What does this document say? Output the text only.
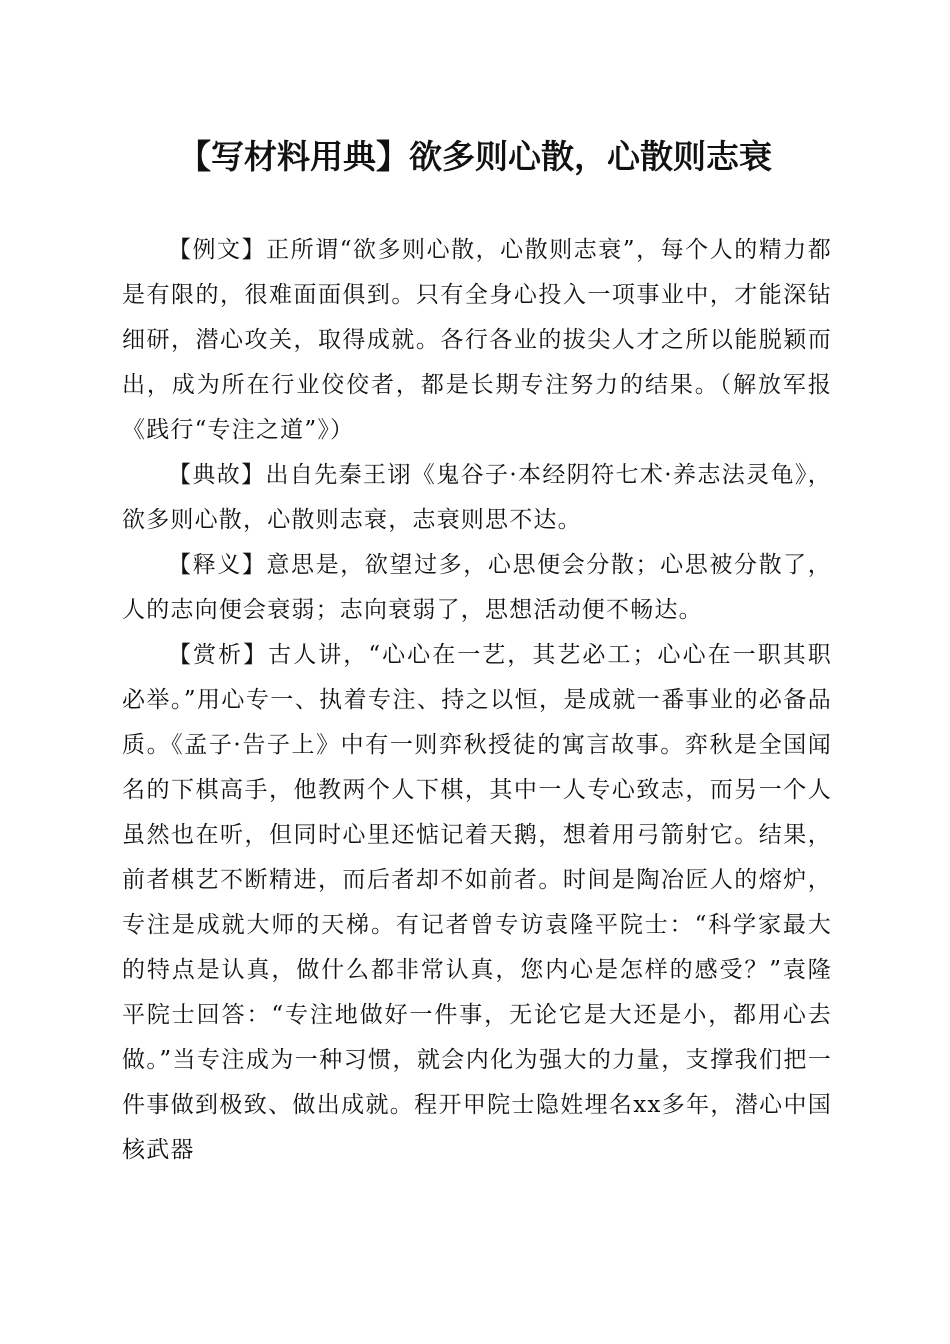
【写材料用典】欲多则心散，心散则志衰

【例文】正所谓“欲多则心散，心散则志衰”，每个人的精力都是有限的，很难面面俱到。只有全身心投入一项事业中，才能深钻细研，潜心攻关，取得成就。各行各业的拔尖人才之所以能脱颖而出，成为所在行业佼佼者，都是长期专注努力的结果。（解放军报《践行“专注之道”》）

【典故】出自先秦王诩《鬼谷子·本经阴符七术·养志法灵龟》，欲多则心散，心散则志衰，志衰则思不达。

【释义】意思是，欲望过多，心思便会分散；心思被分散了，人的志向便会衰弱；志向衰弱了，思想活动便不畅达。

【赏析】古人讲，“心心在一艺，其艺必工；心心在一职其职必举。”用心专一、执着专注、持之以恒，是成就一番事业的必备品质。《孟子·告子上》中有一则弈秋授徒的寓言故事。弈秋是全国闻名的下棋高手，他教两个人下棋，其中一人专心致志，而另一个人虽然也在听，但同时心里还惦记着天鹅，想着用弓箭射它。结果，前者棋艺不断精进，而后者却不如前者。时间是陶冶匠人的熔炉，专注是成就大师的天梯。有记者曾专访袁隆平院士：“科学家最大的特点是认真，做什么都非常认真，您内心是怎样的感受？”袁隆平院士回答：“专注地做好一件事，无论它是大还是小，都用心去做。”当专注成为一种习惯，就会内化为强大的力量，支撑我们把一件事做到极致、做出成就。程开甲院士隐姓埋名xx多年，潜心中国核武器
